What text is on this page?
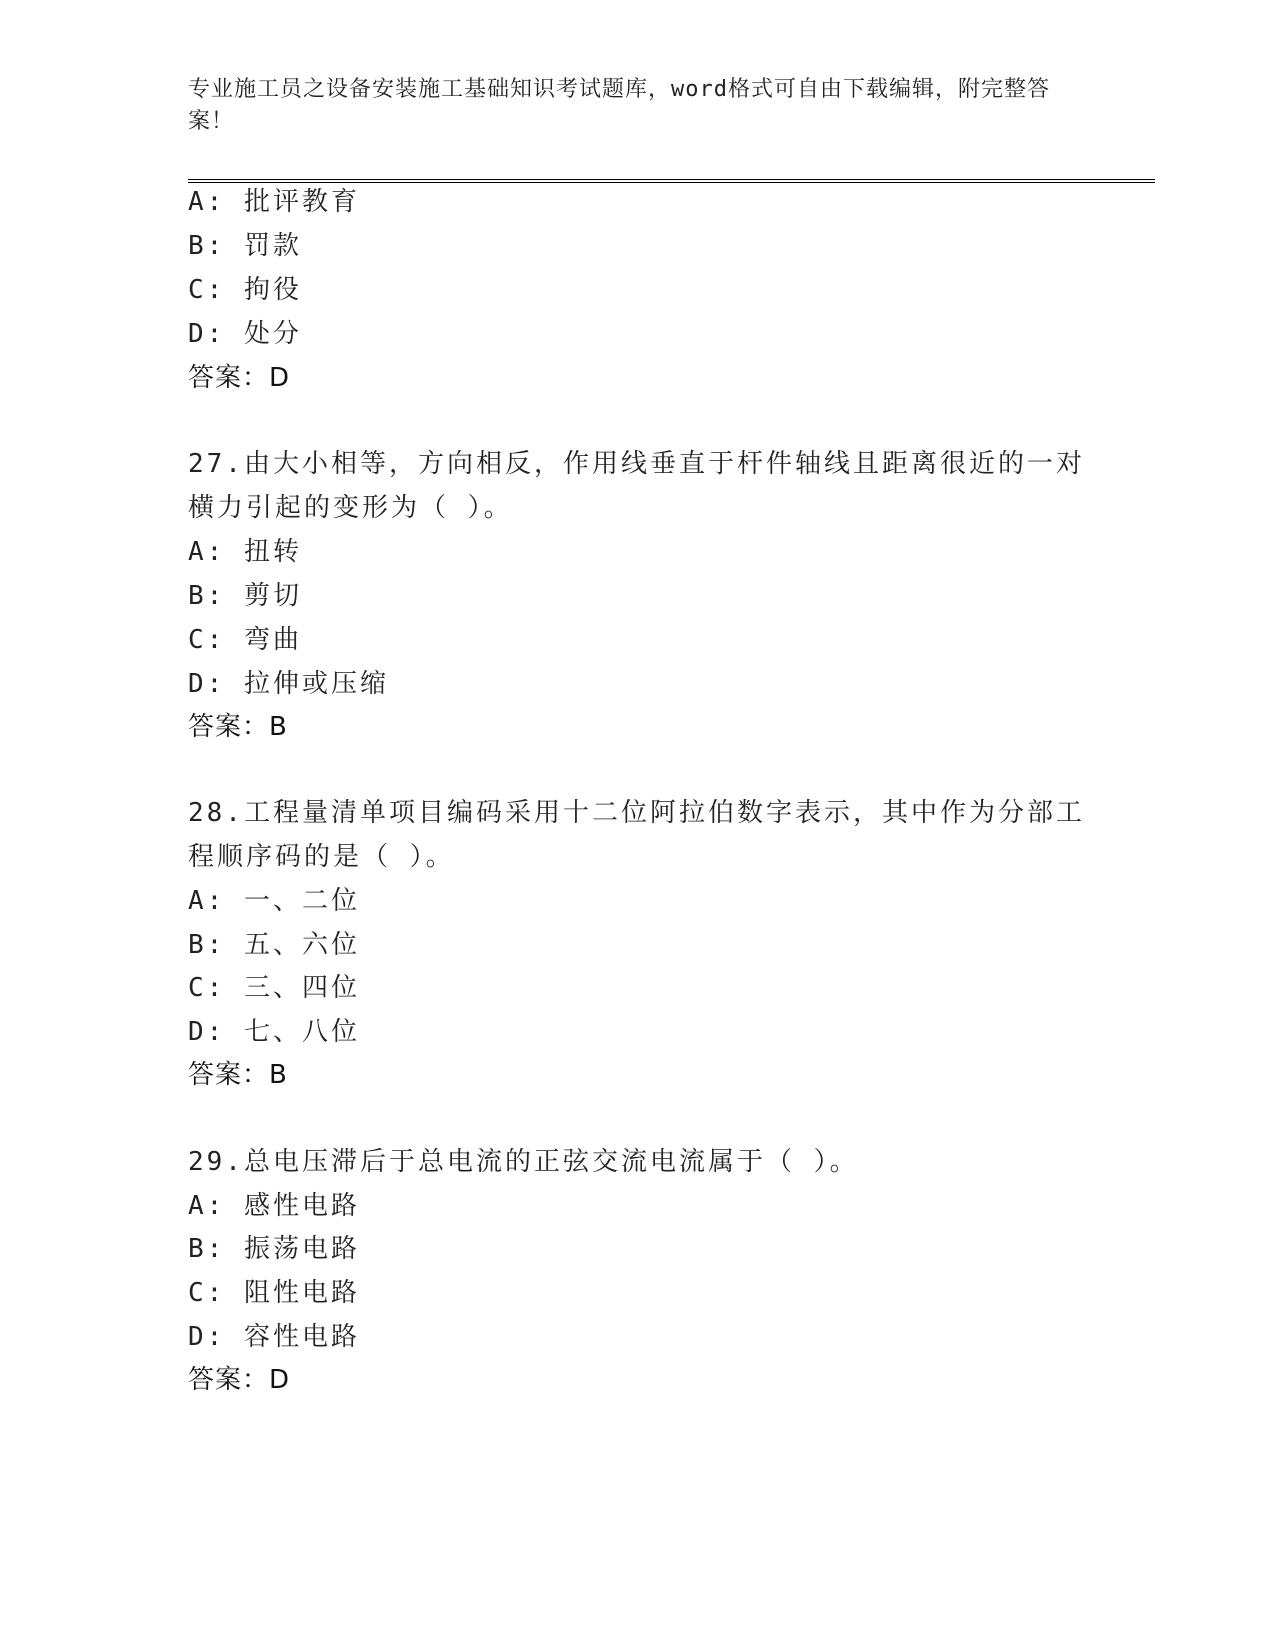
专业施工员之设备安装施工基础知识考试题库，word格式可自由下载编辑，附完整答案！
A: 批评教育
B: 罚款
C: 拘役
D: 处分
答案：D
27.由大小相等，方向相反，作用线垂直于杆件轴线且距离很近的一对
横力引起的变形为（ ）。
A: 扭转
B: 剪切
C: 弯曲
D: 拉伸或压缩
答案：B
28.工程量清单项目编码采用十二位阿拉伯数字表示，其中作为分部工
程顺序码的是（ ）。
A: 一、二位
B: 五、六位
C: 三、四位
D: 七、八位
答案：B
29.总电压滞后于总电流的正弦交流电流属于（ ）。
A: 感性电路
B: 振荡电路
C: 阻性电路
D: 容性电路
答案：D
